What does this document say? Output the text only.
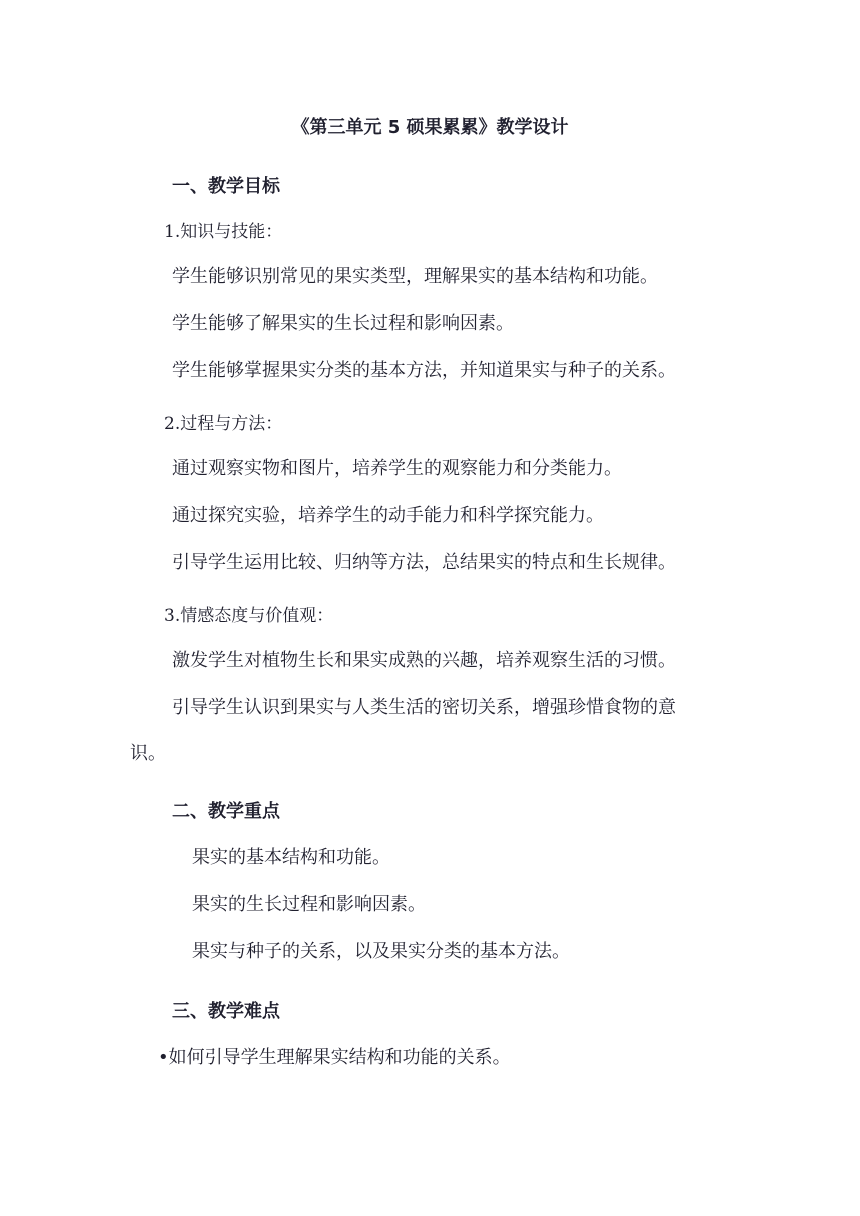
《第三单元 5 硕果累累》教学设计
一、教学目标
1.知识与技能：
学生能够识别常见的果实类型，理解果实的基本结构和功能。
学生能够了解果实的生长过程和影响因素。
学生能够掌握果实分类的基本方法，并知道果实与种子的关系。
2.过程与方法：
通过观察实物和图片，培养学生的观察能力和分类能力。
通过探究实验，培养学生的动手能力和科学探究能力。
引导学生运用比较、归纳等方法，总结果实的特点和生长规律。
3.情感态度与价值观：
激发学生对植物生长和果实成熟的兴趣，培养观察生活的习惯。
引导学生认识到果实与人类生活的密切关系，增强珍惜食物的意
识。
二、教学重点
果实的基本结构和功能。
果实的生长过程和影响因素。
果实与种子的关系，以及果实分类的基本方法。
三、教学难点
•如何引导学生理解果实结构和功能的关系。
